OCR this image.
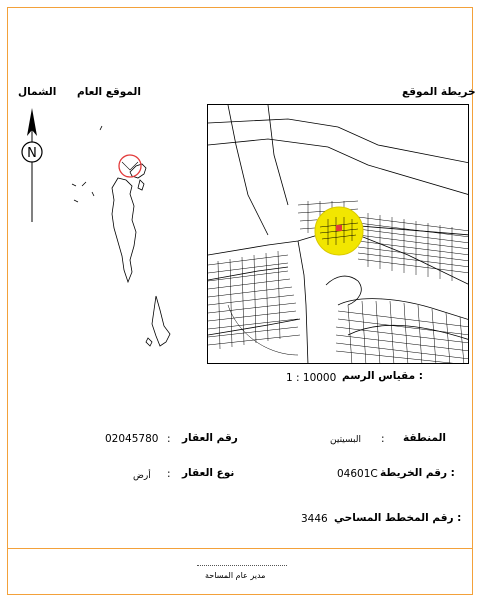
الشمال الموقع العام	خريطة الموقع
N
مقياس الرسم :
1 : 10000
المنطقة
:
البسيتين
رقم العقار
:
02045780
رقم الخريطة :
04601C
نوع العقار
:
أرض
رقم المخطط المساحي :
3446
مدير عام المساحة
